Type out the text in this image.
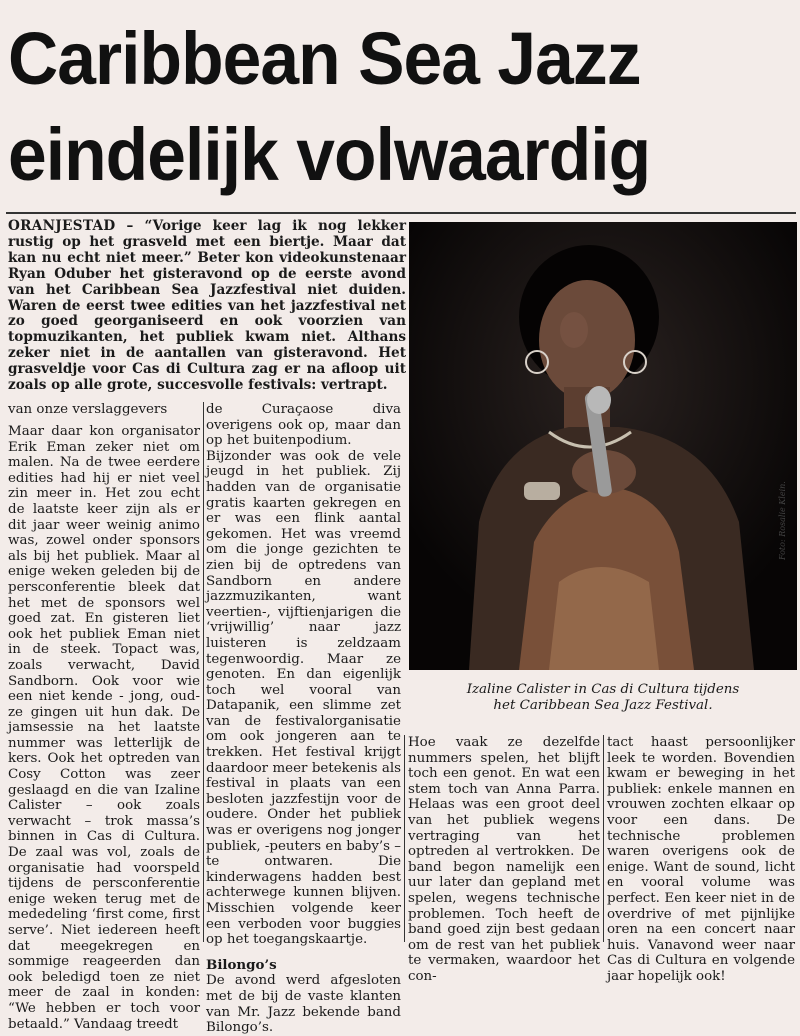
Caribbean Sea Jazz
eindelijk volwaardig

ORANJESTAD – “Vorige keer lag ik nog lekker rustig op het grasveld met een biertje. Maar dat kan nu echt niet meer.” Beter kon videokunstenaar Ryan Oduber het gisteravond op de eerste avond van het Caribbean Sea Jazzfestival niet duiden. Waren de eerst twee edities van het jazzfestival net zo goed georganiseerd en ook voorzien van topmuzikanten, het publiek kwam niet. Althans zeker niet in de aantallen van gisteravond. Het grasveldje voor Cas di Cultura zag er na afloop uit zoals op alle grote, succesvolle festivals: vertrapt.

van onze verslaggevers

Maar daar kon organisator Erik Eman zeker niet om malen. Na de twee eerdere edities had hij er niet veel zin meer in. Het zou echt de laatste keer zijn als er dit jaar weer weinig animo was, zowel onder sponsors als bij het publiek. Maar al enige weken geleden bij de persconferentie bleek dat het met de sponsors wel goed zat. En gisteren liet ook het publiek Eman niet in de steek. Topact was, zoals verwacht, David Sandborn. Ook voor wie een niet kende - jong, oud- ze gingen uit hun dak. De jamsessie na het laatste nummer was letterlijk de kers. Ook het optreden van Cosy Cotton was zeer geslaagd en die van Izaline Calister – ook zoals verwacht – trok massa’s binnen in Cas di Cultura. De zaal was vol, zoals de organisatie had voorspeld tijdens de persconferentie enige weken terug met de mededeling ‘first come, first serve’. Niet iedereen heeft dat meegekregen en sommige reageerden dan ook beledigd toen ze niet meer de zaal in konden: “We hebben er toch voor betaald.” Vandaag treedt

de Curaçaose diva overigens ook op, maar dan op het buitenpodium.

Bijzonder was ook de vele jeugd in het publiek. Zij hadden van de organisatie gratis kaarten gekregen en er was een flink aantal gekomen. Het was vreemd om die jonge gezichten te zien bij de optredens van Sandborn en andere jazzmuzikanten, want veertien-, vijftienjarigen die ‘vrijwillig’ naar jazz luisteren is zeldzaam tegenwoordig. Maar ze genoten. En dan eigenlijk toch wel vooral van Datapanik, een slimme zet van de festivalorganisatie om ook jongeren aan te trekken. Het festival krijgt daardoor meer betekenis als festival in plaats van een besloten jazzfestijn voor de oudere. Onder het publiek was er overigens nog jonger publiek, -peuters en baby’s – te ontwaren. Die kinderwagens hadden best achterwege kunnen blijven. Misschien volgende keer een verboden voor buggies op het toegangskaartje.

Bilongo’s

De avond werd afgesloten met de bij de vaste klanten van Mr. Jazz bekende band Bilongo’s.

Foto: Rosalie Klein.
Izaline Calister in Cas di Cultura tijdens
het Caribbean Sea Jazz Festival.

Hoe vaak ze dezelfde nummers spelen, het blijft toch een genot. En wat een stem toch van Anna Parra. Helaas was een groot deel van het publiek wegens vertraging van het optreden al vertrokken. De band begon namelijk een uur later dan gepland met spelen, wegens technische problemen. Toch heeft de band goed zijn best gedaan om de rest van het publiek te vermaken, waardoor het con-

tact haast persoonlijker leek te worden. Bovendien kwam er beweging in het publiek: enkele mannen en vrouwen zochten elkaar op voor een dans. De technische problemen waren overigens ook de enige. Want de sound, licht en vooral volume was perfect. Een keer niet in de overdrive of met pijnlijke oren na een concert naar huis. Vanavond weer naar Cas di Cultura en volgende jaar hopelijk ook!
